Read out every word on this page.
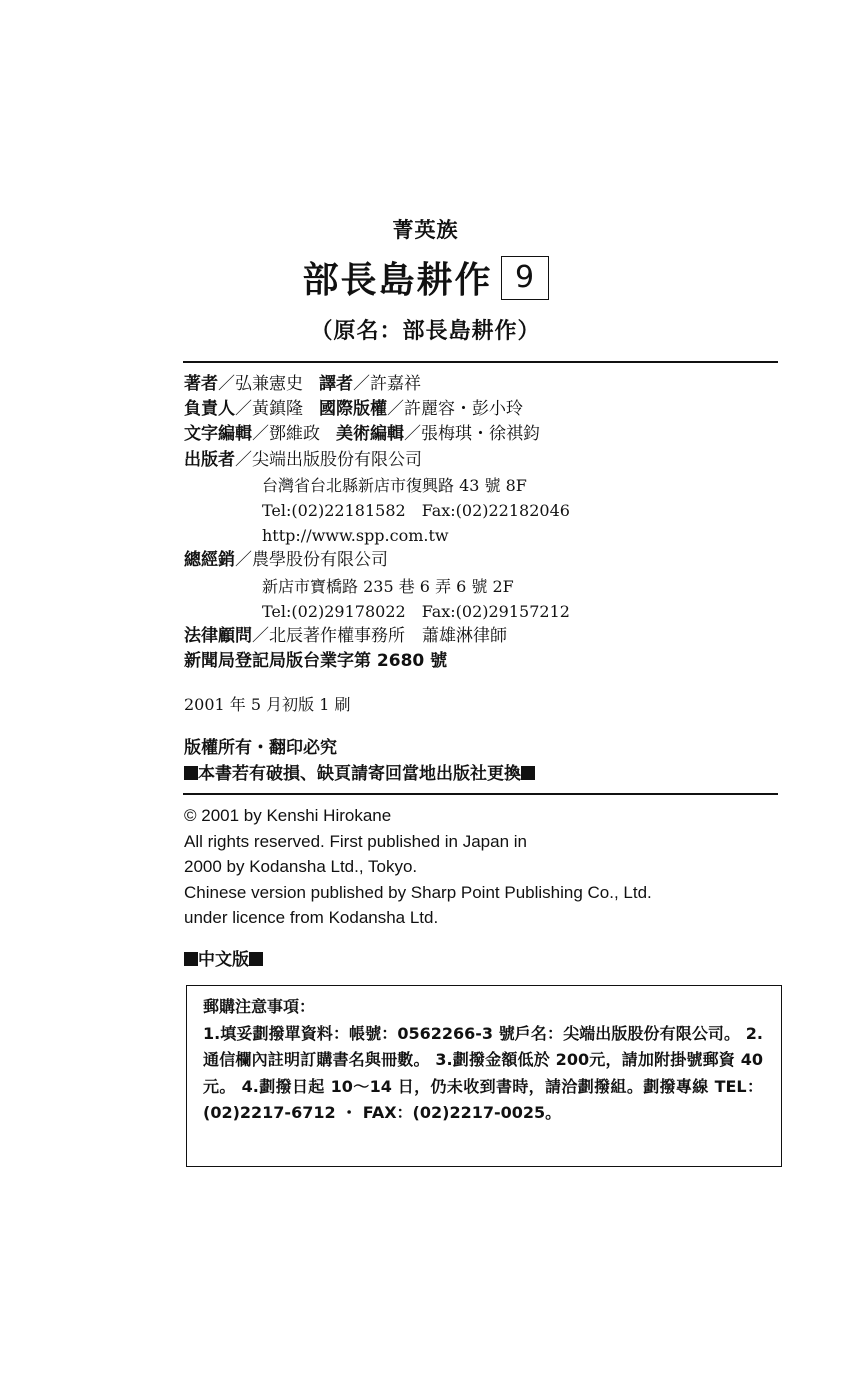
菁英族
部長島耕作 9
（原名：部長島耕作）
著者／弘兼憲史 譯者／許嘉祥
負責人／黃鎮隆 國際版權／許麗容・彭小玲
文字編輯／鄧維政 美術編輯／張梅琪・徐祺鈞
出版者／尖端出版股份有限公司
台灣省台北縣新店市復興路 43 號 8F
Tel:(02)22181582 Fax:(02)22182046
http://www.spp.com.tw
總經銷／農學股份有限公司
新店市寶橋路 235 巷 6 弄 6 號 2F
Tel:(02)29178022 Fax:(02)29157212
法律顧問／北辰著作權事務所　蕭雄淋律師
新聞局登記局版台業字第 2680 號
2001 年 5 月初版 1 刷
版權所有・翻印必究
本書若有破損、缺頁請寄回當地出版社更換
© 2001 by Kenshi Hirokane
All rights reserved. First published in Japan in
2000 by Kodansha Ltd., Tokyo.
Chinese version published by Sharp Point Publishing Co., Ltd.
under licence from Kodansha Ltd.
中文版
郵購注意事項：
1.填妥劃撥單資料：帳號：0562266-3 號戶名：尖端出版股份有限公司。 2.通信欄內註明訂購書名與冊數。 3.劃撥金額低於 200元，請加附掛號郵資 40 元。 4.劃撥日起 10～14 日，仍未收到書時，請洽劃撥組。劃撥專線 TEL：(02)2217-6712 ・ FAX：(02)2217-0025。
